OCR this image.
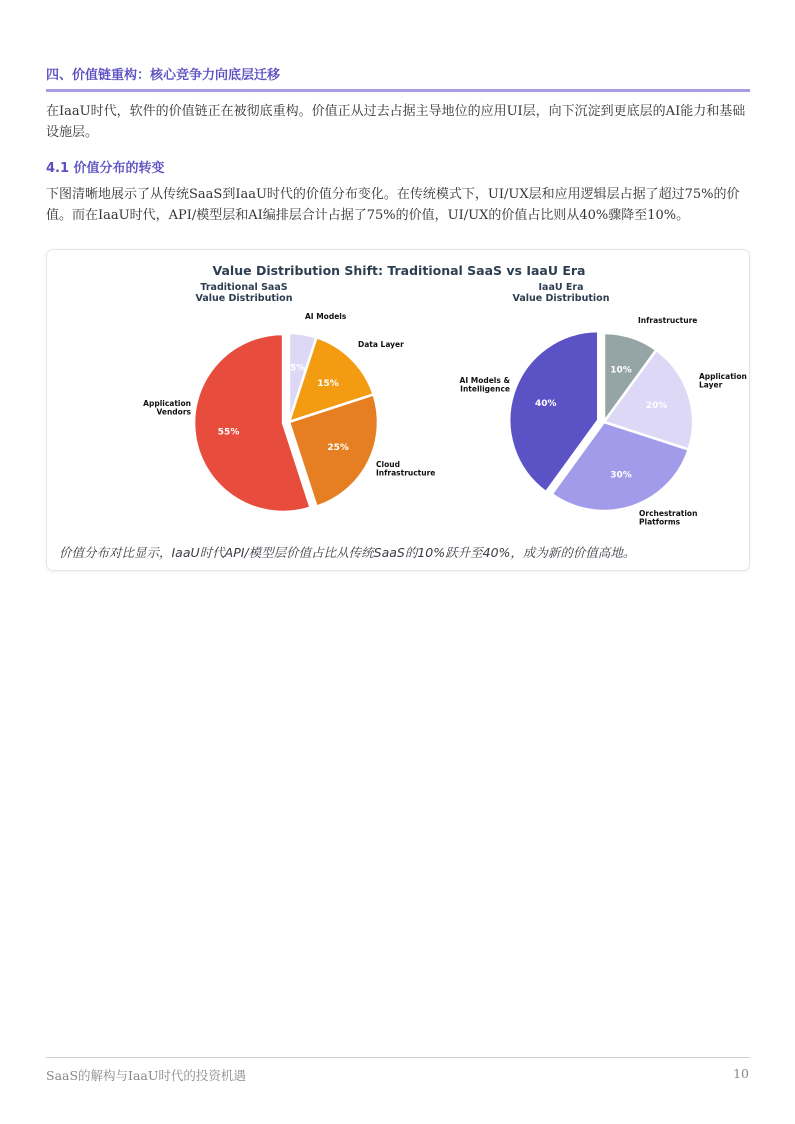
四、价值链重构：核心竞争力向底层迁移
在IaaU时代，软件的价值链正在被彻底重构。价值正从过去占据主导地位的应用UI层，向下沉淀到更底层的AI能力和基础设施层。
4.1 价值分布的转变
下图清晰地展示了从传统SaaS到IaaU时代的价值分布变化。在传统模式下，UI/UX层和应用逻辑层占据了超过75%的价值。而在IaaU时代，API/模型层和AI编排层合计占据了75%的价值，UI/UX的价值占比则从40%骤降至10%。
Value Distribution Shift: Traditional SaaS vs IaaU Era
5%
AI Models
15%
Data Layer
25%
Cloud Infrastructure
55%
Application Vendors
Traditional SaaS Value Distribution
10%
Infrastructure
20%
Application Layer
30%
Orchestration Platforms
40%
AI Models & Intelligence
IaaU Era Value Distribution
价值分布对比显示，IaaU时代API/模型层价值占比从传统SaaS的10%跃升至40%，成为新的价值高地。
SaaS的解构与IaaU时代的投资机遇	10
